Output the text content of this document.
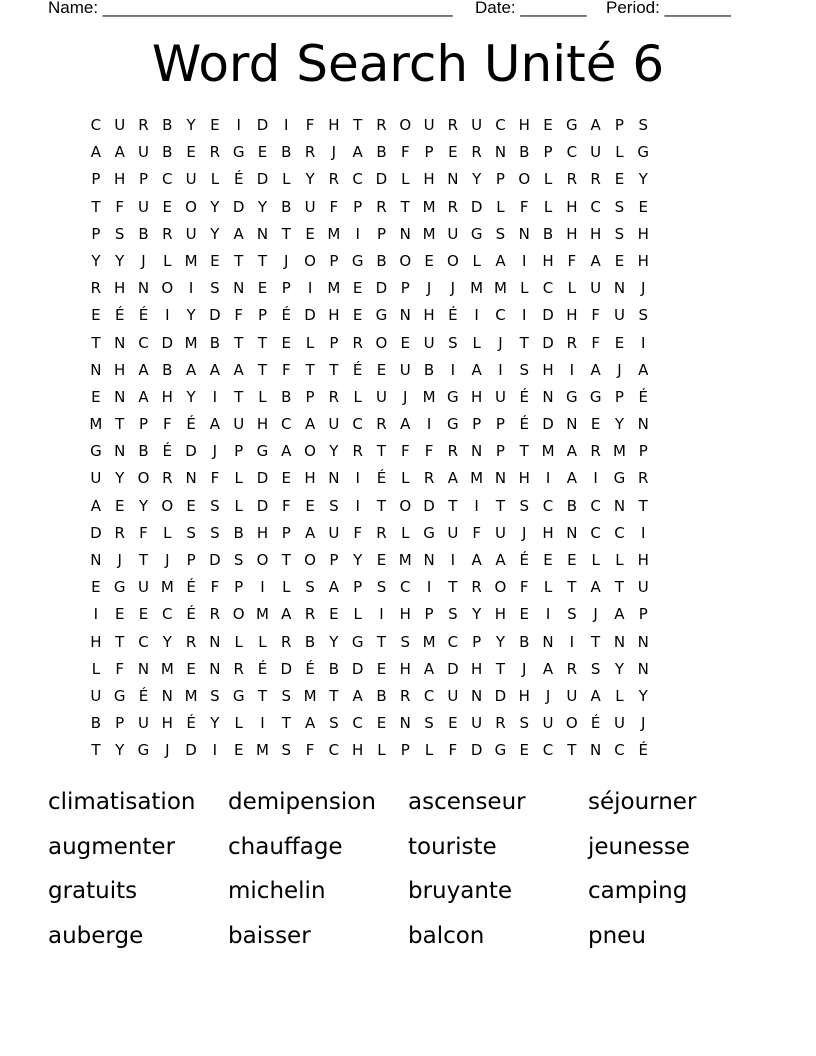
Name: _____________________________________ Date: _______ Period: _______
Word Search Unité 6
C U R B Y E	I	D	I	F H T R O U R U C H E G A P S
A A U B E R G E B R	J	A B F P E R N B P C U L G
P H P C U L É D L	Y R C D L H N Y P O L R R E Y
T F U E O Y D Y B U F P R T M R D L	F	L H C S E
P S B R U Y A N T E M	I	P N M U G S N B H H S H
Y Y	J	L M E T T	J	O P G B O E O L A	I	H F A E H
R H N O	I	S N E P	I	M E D P	J	J	M M L C L U N	J
E É É	I	Y D F P É D H E G N H É	I	C	I	D H F U S
T N C D M B T T E L	P R O E U S L	J	T D R F E	I
N H A B A A A T F T T É E U B	I	A	I	S H	I	A	J	A
E N A H Y	I	T	L B P R L U	J	M G H U É N G G P É
M T P F É A U H C A U C R A	I	G P P É D N E Y N
G N B É D	J	P G A O Y R T F	F R N P T M A R M P
U Y O R N F	L D E H N	I	É L R A M N H	I	A	I	G R
A E Y O E S L D F E S	I	T O D T	I	T S C B C N T
D R F	L S S B H P A U F R L G U F U	J	H N C C	I
N	J	T	J	P D S O T O P Y E M N	I	A A É E E L	L H
E G U M É F P	I	L S A P S C	I	T R O F	L	T A T U
I	E E C É R O M A R E L	I	H P S Y H E	I	S	J	A P
H T C Y R N L	L R B Y G T S M C P Y B N	I	T N N
L	F N M E N R É D É B D E H A D H T	J	A R S Y N
U G É N M S G T S M T A B R C U N D H	J	U A L	Y
B P U H É Y	L	I	T A S C E N S E U R S U O É U	J
T Y G	J	D	I	E M S F C H L	P	L	F D G E C T N C É
climatisation	demipension	ascenseur	séjourner
augmenter	chauffage	touriste	jeunesse
gratuits	michelin	bruyante	camping
auberge	baisser	balcon	pneu
